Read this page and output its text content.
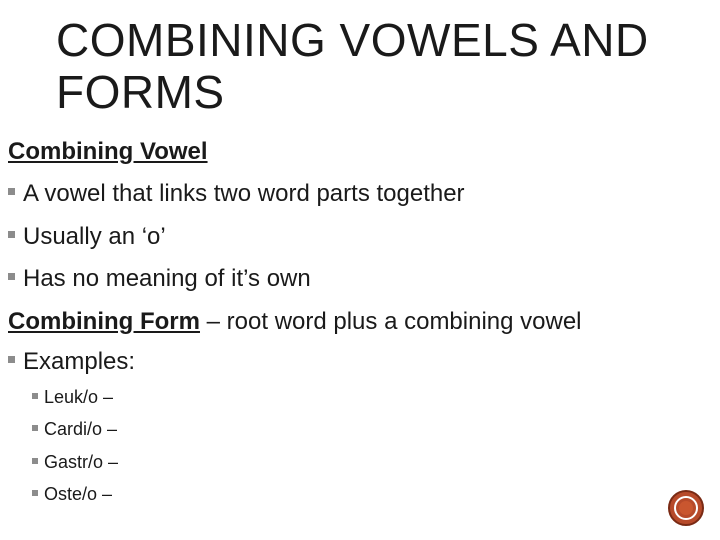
COMBINING VOWELS AND
FORMS
Combining Vowel
A vowel that links two word parts together
Usually an ‘o’
Has no meaning of it’s own
Combining Form – root word plus a combining vowel
Examples:
Leuk/o –
Cardi/o –
Gastr/o –
Oste/o –
